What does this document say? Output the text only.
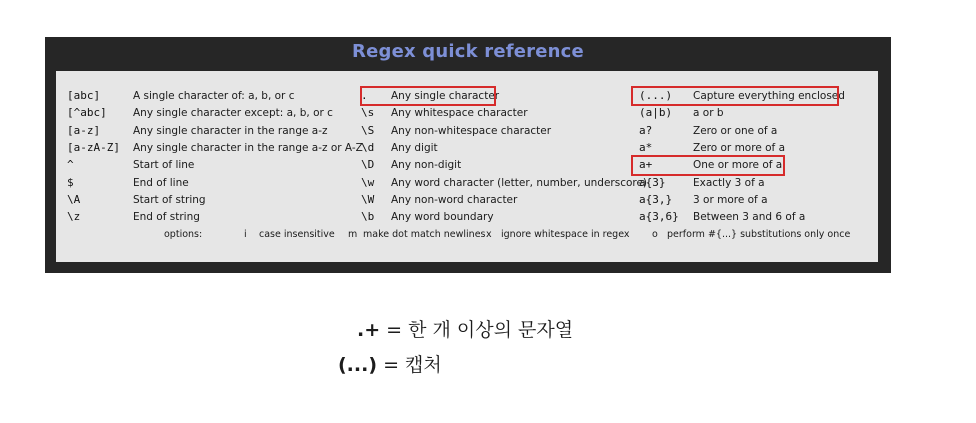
Regex quick reference
options:	i case insensitive m make dot match newlines x ignore whitespace in regex o perform #{...} substitutions only once
[abc]	A single character of: a, b, or c
[^abc]	Any single character except: a, b, or c
[a-z]	Any single character in the range a-z
[a-zA-Z] Any single character in the range a-z or A-Z
^	Start of line
$	End of line
\A	Start of string
\z	End of string
. Any single character
\s Any whitespace character
\S Any non-whitespace character
\d Any digit
\D Any non-digit
\w Any word character (letter, number, underscore)
\W Any non-word character
\b Any word boundary
(...) Capture everything enclosed
(a|b) a or b
a?	Zero or one of a
a*	Zero or more of a
a+	One or more of a
a{3}	Exactly 3 of a
a{3,} 3 or more of a
a{3,6} Between 3 and 6 of a
.+ = 한 개 이상의 문자열
(...) = 캡처
